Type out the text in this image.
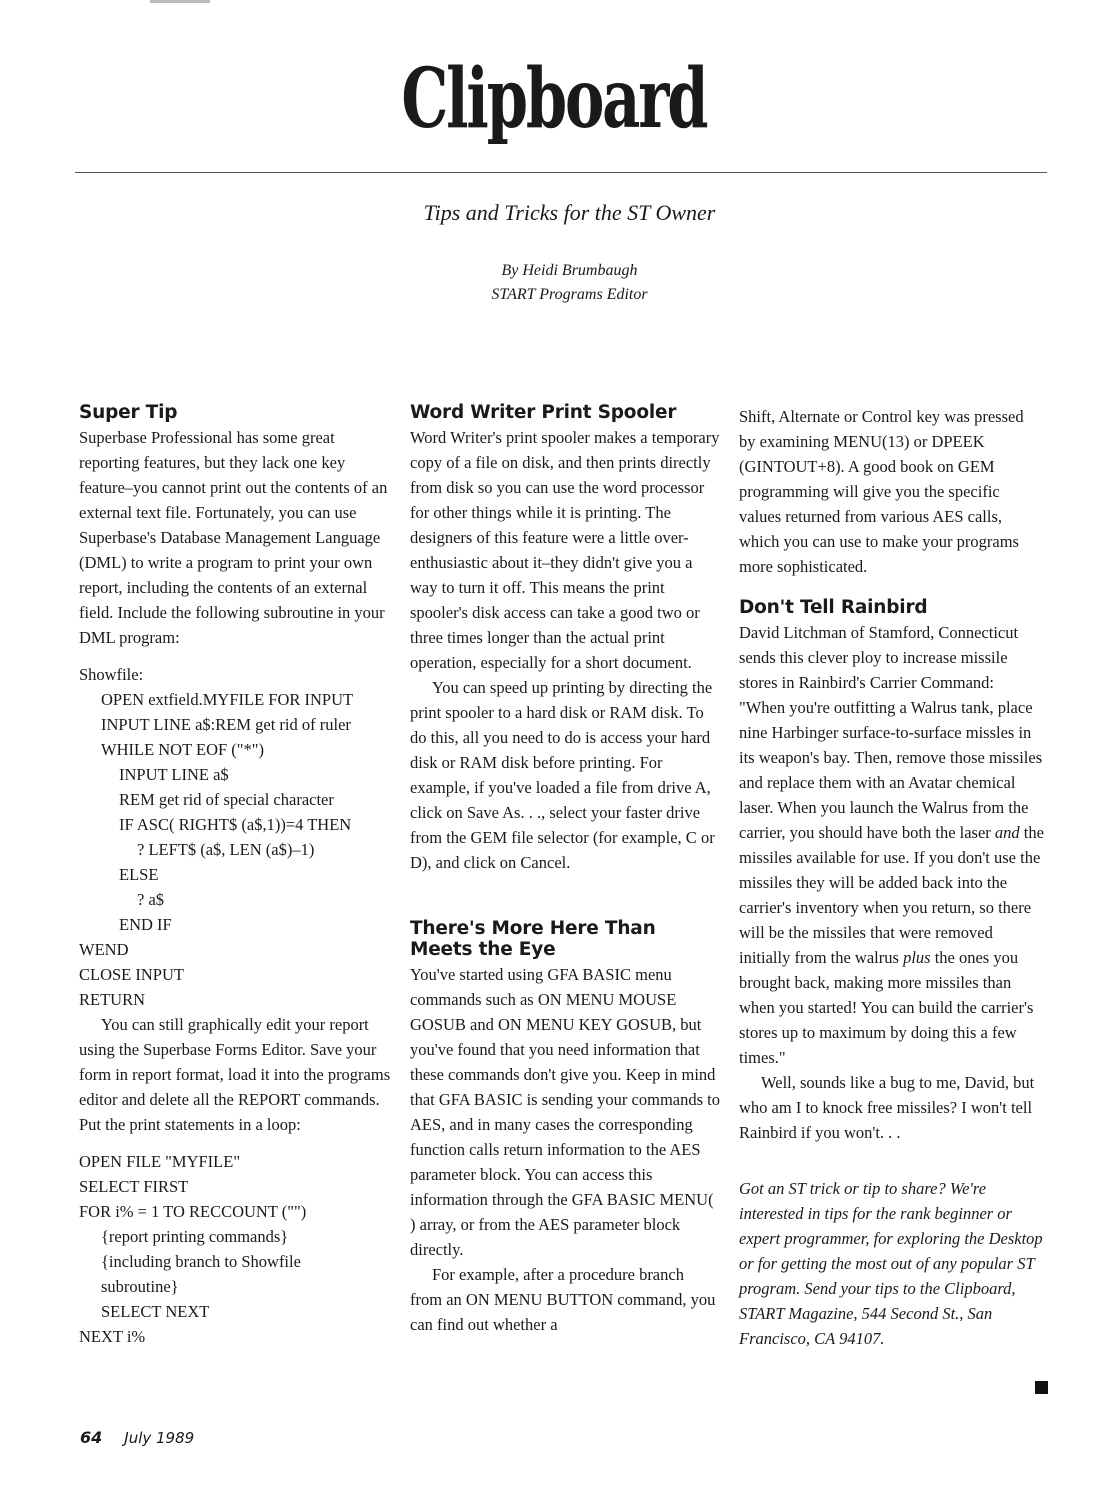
Clipboard
Tips and Tricks for the ST Owner
By Heidi Brumbaugh
START Programs Editor
Super Tip

Superbase Professional has some great reporting features, but they lack one key feature–you cannot print out the contents of an external text file. Fortunately, you can use Superbase's Database Management Language (DML) to write a program to print your own report, including the contents of an external field. Include the following subroutine in your DML program:

Showfile:
OPEN extfield.MYFILE FOR INPUT
INPUT LINE a$:REM get rid of ruler
WHILE NOT EOF ("*")
INPUT LINE a$
REM get rid of special character
IF ASC( RIGHT$ (a$,1))=4 THEN
? LEFT$ (a$, LEN (a$)–1)
ELSE
? a$
END IF
WEND
CLOSE INPUT
RETURN

You can still graphically edit your report using the Superbase Forms Editor. Save your form in report format, load it into the programs editor and delete all the REPORT commands. Put the print statements in a loop:

OPEN FILE "MYFILE"
SELECT FIRST
FOR i% = 1 TO RECCOUNT ("")
{report printing commands}
{including branch to Showfile
subroutine}
SELECT NEXT
NEXT i%
Word Writer Print Spooler

Word Writer's print spooler makes a temporary copy of a file on disk, and then prints directly from disk so you can use the word processor for other things while it is printing. The designers of this feature were a little over-enthusiastic about it–they didn't give you a way to turn it off. This means the print spooler's disk access can take a good two or three times longer than the actual print operation, especially for a short document.

You can speed up printing by directing the print spooler to a hard disk or RAM disk. To do this, all you need to do is access your hard disk or RAM disk before printing. For example, if you've loaded a file from drive A, click on Save As. . ., select your faster drive from the GEM file selector (for example, C or D), and click on Cancel.

There's More Here Than Meets the Eye

You've started using GFA BASIC menu commands such as ON MENU MOUSE GOSUB and ON MENU KEY GOSUB, but you've found that you need information that these commands don't give you. Keep in mind that GFA BASIC is sending your commands to AES, and in many cases the corresponding function calls return information to the AES parameter block. You can access this information through the GFA BASIC MENU( ) array, or from the AES parameter block directly.

For example, after a procedure branch from an ON MENU BUTTON command, you can find out whether a

Shift, Alternate or Control key was pressed by examining MENU(13) or DPEEK (GINTOUT+8). A good book on GEM programming will give you the specific values returned from various AES calls, which you can use to make your programs more sophisticated.

Don't Tell Rainbird

David Litchman of Stamford, Connecticut sends this clever ploy to increase missile stores in Rainbird's Carrier Command: "When you're outfitting a Walrus tank, place nine Harbinger surface-to-surface missles in its weapon's bay. Then, remove those missiles and replace them with an Avatar chemical laser. When you launch the Walrus from the carrier, you should have both the laser and the missiles available for use. If you don't use the missiles they will be added back into the carrier's inventory when you return, so there will be the missiles that were removed initially from the walrus plus the ones you brought back, making more missiles than when you started! You can build the carrier's stores up to maximum by doing this a few times."

Well, sounds like a bug to me, David, but who am I to knock free missiles? I won't tell Rainbird if you won't. . .

Got an ST trick or tip to share? We're interested in tips for the rank beginner or expert programmer, for exploring the Desktop or for getting the most out of any popular ST program. Send your tips to the Clipboard, START Magazine, 544 Second St., San Francisco, CA 94107.

64 July 1989
